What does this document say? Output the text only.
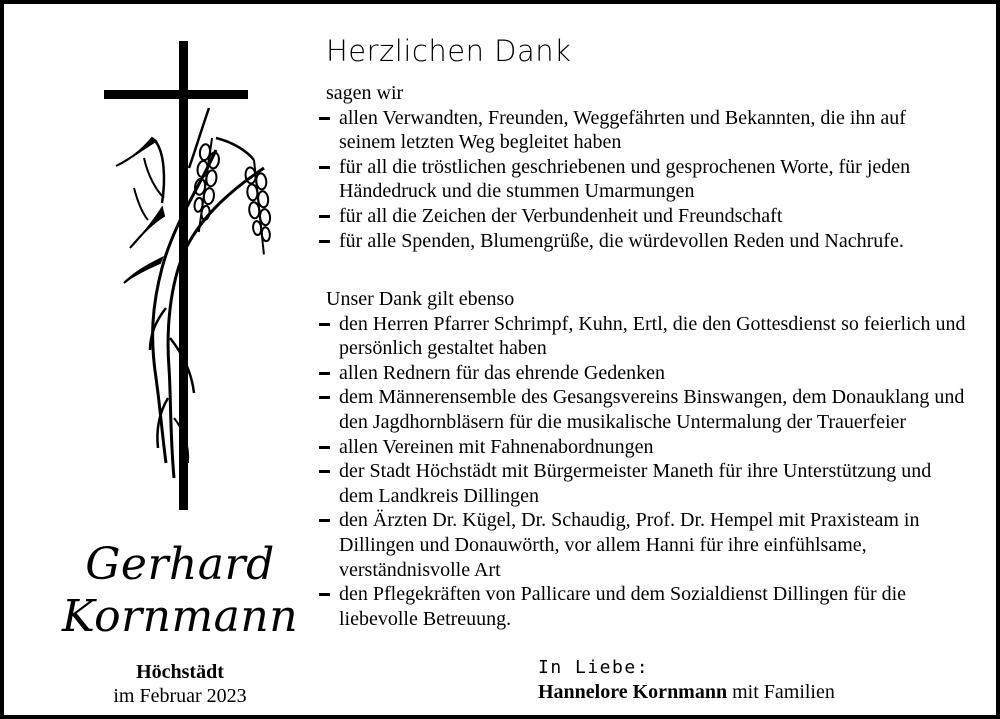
Gerhard
Kornmann
Höchstädt
im Februar 2023
Herzlichen Dank

sagen wir

allen Verwandten, Freunden, Weggefährten und Bekannten, die ihn auf seinem letzten Weg begleitet haben
für all die tröstlichen geschriebenen und gesprochenen Worte, für jeden Händedruck und die stummen Umarmungen
für all die Zeichen der Verbundenheit und Freundschaft
für alle Spenden, Blumengrüße, die würdevollen Reden und Nachrufe.

Unser Dank gilt ebenso

den Herren Pfarrer Schrimpf, Kuhn, Ertl, die den Gottesdienst so feierlich und persönlich gestaltet haben
allen Rednern für das ehrende Gedenken
dem Männerensemble des Gesangsvereins Binswangen, dem Donauklang und den Jagdhornbläsern für die musikalische Untermalung der Trauerfeier
allen Vereinen mit Fahnenabordnungen
der Stadt Höchstädt mit Bürgermeister Maneth für ihre Unterstützung und dem Landkreis Dillingen
den Ärzten Dr. Kügel, Dr. Schaudig, Prof. Dr. Hempel mit Praxisteam in Dillingen und Donauwörth, vor allem Hanni für ihre einfühlsame, verständnisvolle Art
den Pflegekräften von Pallicare und dem Sozialdienst Dillingen für die liebevolle Betreuung.
In Liebe:
Hannelore Kornmann mit Familien
